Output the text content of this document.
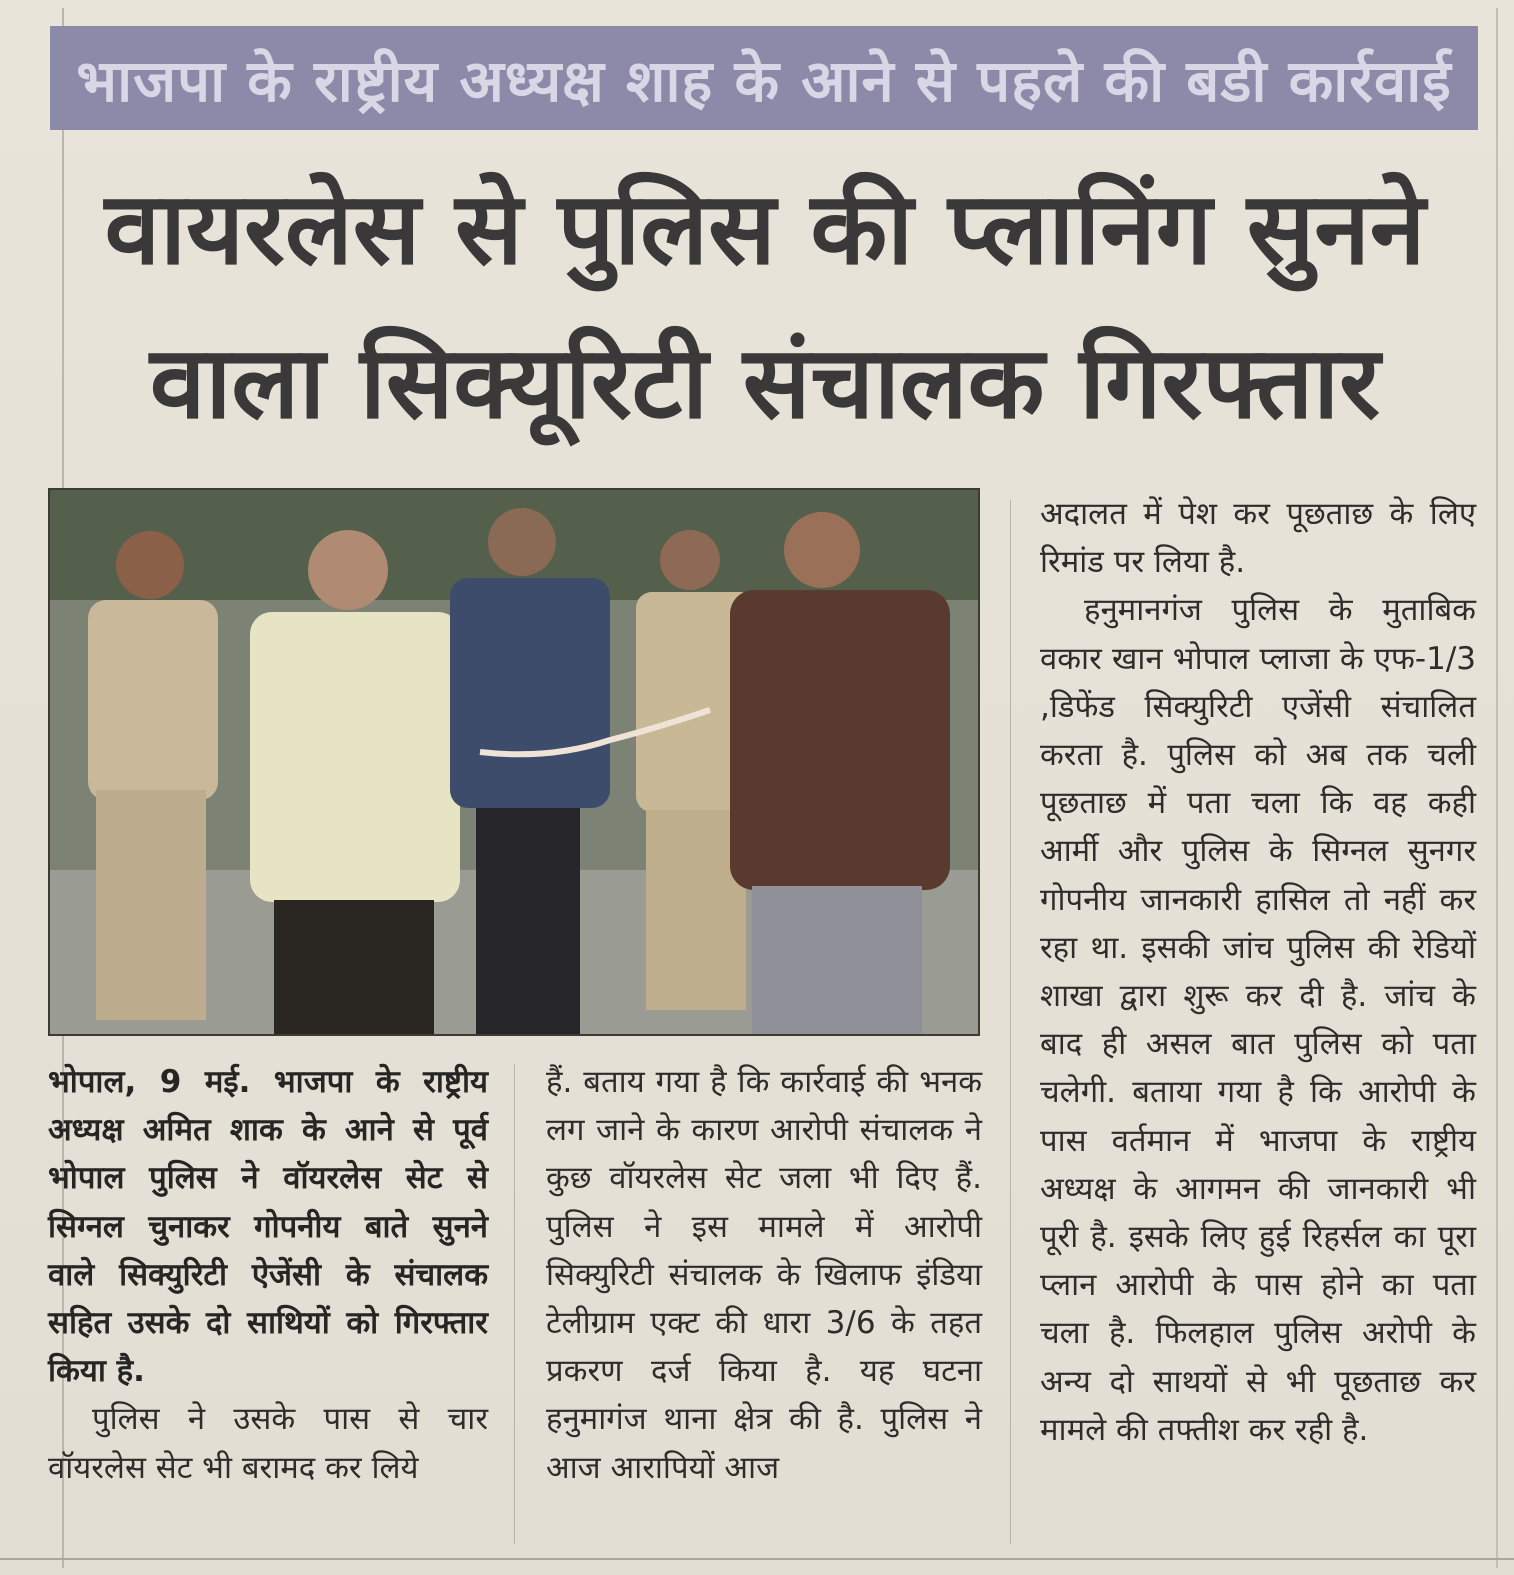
भाजपा के राष्ट्रीय अध्यक्ष शाह के आने से पहले की बडी कार्रवाई
वायरलेस से पुलिस की प्लानिंग सुनने
वाला सिक्यूरिटी संचालक गिरफ्तार

भोपाल, 9 मई. भाजपा के राष्ट्रीय अध्यक्ष अमित शाक के आने से पूर्व भोपाल पुलिस ने वॉयरलेस सेट से सिग्नल चुनाकर गोपनीय बाते सुनने वाले सिक्युरिटी ऐजेंसी के संचालक सहित उसके दो साथियों को गिरफ्तार किया है.

पुलिस ने उसके पास से चार वॉयरलेस सेट भी बरामद कर लिये

हैं. बताय गया है कि कार्रवाई की भनक लग जाने के कारण आरोपी संचालक ने कुछ वॉयरलेस सेट जला भी दिए हैं. पुलिस ने इस मामले में आरोपी सिक्युरिटी संचालक के खिलाफ इंडिया टेलीग्राम एक्ट की धारा 3/6 के तहत प्रकरण दर्ज किया है. यह घटना हनुमागंज थाना क्षेत्र की है. पुलिस ने आज आरापियों आज

अदालत में पेश कर पूछताछ के लिए रिमांड पर लिया है.

हनुमानगंज पुलिस के मुताबिक वकार खान भोपाल प्लाजा के एफ-1/3 ,डिफेंड सिक्युरिटी एजेंसी संचालित करता है. पुलिस को अब तक चली पूछताछ में पता चला कि वह कही आर्मी और पुलिस के सिग्नल सुनगर गोपनीय जानकारी हासिल तो नहीं कर रहा था. इसकी जांच पुलिस की रेडियों शाखा द्वारा शुरू कर दी है. जांच के बाद ही असल बात पुलिस को पता चलेगी. बताया गया है कि आरोपी के पास वर्तमान में भाजपा के राष्ट्रीय अध्यक्ष के आगमन की जानकारी भी पूरी है. इसके लिए हुई रिहर्सल का पूरा प्लान आरोपी के पास होने का पता चला है. फिलहाल पुलिस अरोपी के अन्य दो साथयों से भी पूछताछ कर मामले की तफ्तीश कर रही है.
